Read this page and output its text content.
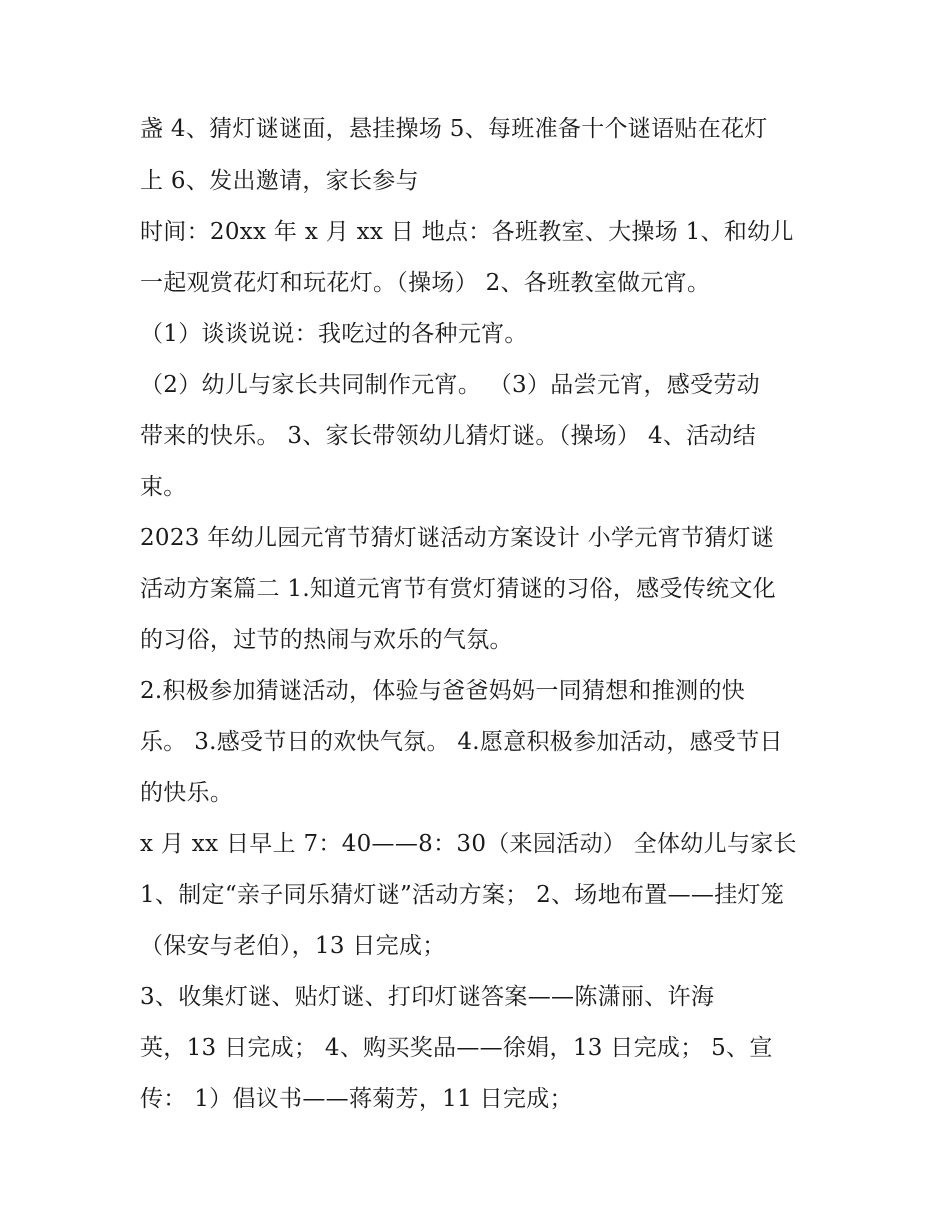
盏 4、猜灯谜谜面，悬挂操场 5、每班准备十个谜语贴在花灯
上 6、发出邀请，家长参与
时间：20xx 年 x 月 xx 日 地点：各班教室、大操场 1、和幼儿
一起观赏花灯和玩花灯。（操场） 2、各班教室做元宵。
（1）谈谈说说：我吃过的各种元宵。
（2）幼儿与家长共同制作元宵。 （3）品尝元宵，感受劳动
带来的快乐。 3、家长带领幼儿猜灯谜。（操场） 4、活动结
束。
2023 年幼儿园元宵节猜灯谜活动方案设计 小学元宵节猜灯谜
活动方案篇二 1.知道元宵节有赏灯猜谜的习俗，感受传统文化
的习俗，过节的热闹与欢乐的气氛。
2.积极参加猜谜活动，体验与爸爸妈妈一同猜想和推测的快
乐。 3.感受节日的欢快气氛。 4.愿意积极参加活动，感受节日
的快乐。
x 月 xx 日早上 7：40——8：30（来园活动） 全体幼儿与家长
1、制定“亲子同乐猜灯谜”活动方案； 2、场地布置——挂灯笼
（保安与老伯），13 日完成；
3、收集灯谜、贴灯谜、打印灯谜答案——陈潇丽、许海
英，13 日完成； 4、购买奖品——徐娟，13 日完成； 5、宣
传： 1）倡议书——蒋菊芳，11 日完成；
